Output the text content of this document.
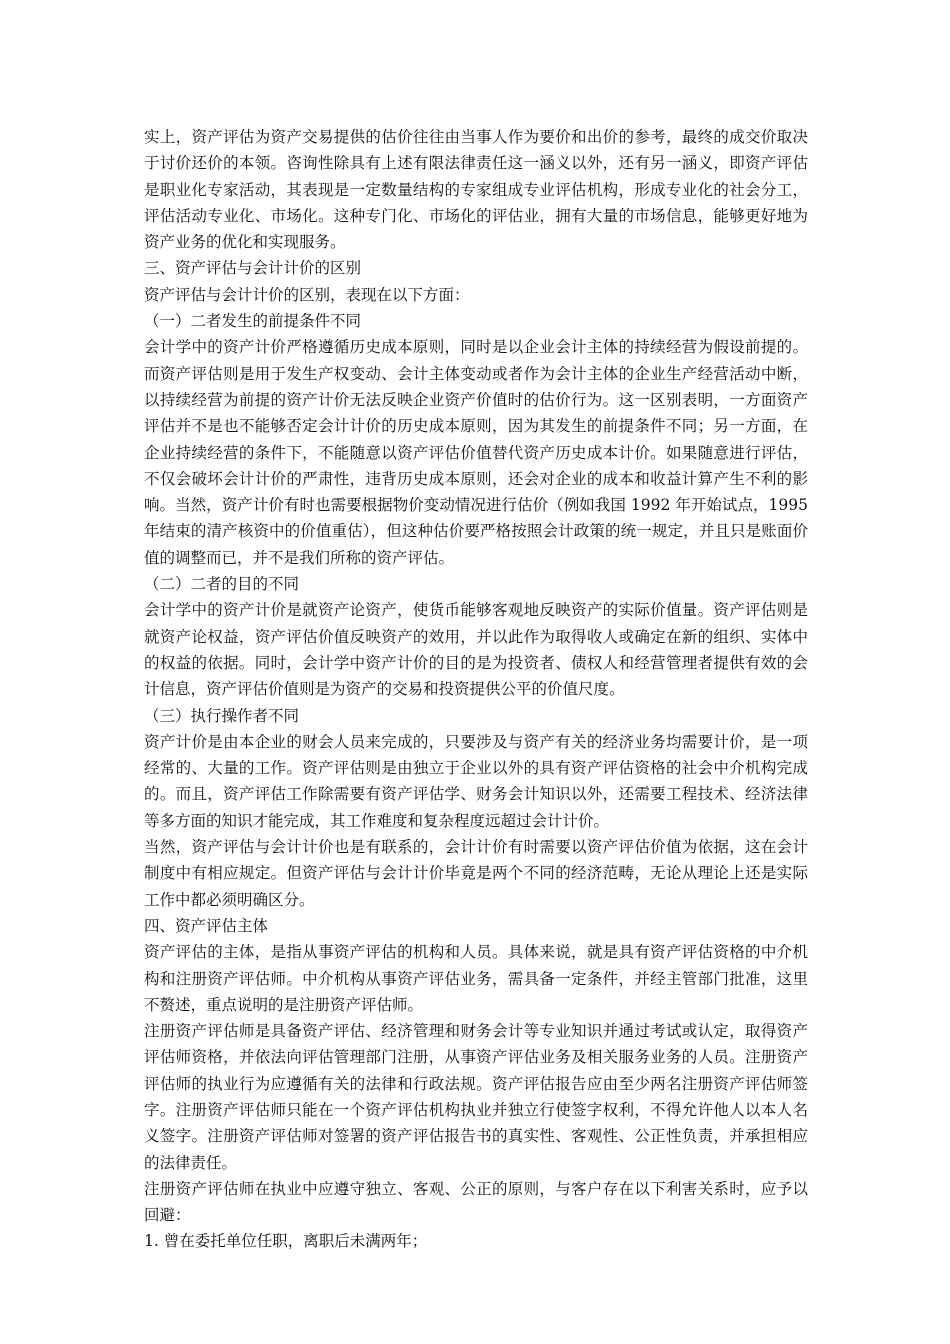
实上，资产评估为资产交易提供的估价往往由当事人作为要价和出价的参考，最终的成交价取决于讨价还价的本领。咨询性除具有上述有限法律责任这一涵义以外，还有另一涵义，即资产评估是职业化专家活动，其表现是一定数量结构的专家组成专业评估机构，形成专业化的社会分工，评估活动专业化、市场化。这种专门化、市场化的评估业，拥有大量的市场信息，能够更好地为资产业务的优化和实现服务。

三、资产评估与会计计价的区别

资产评估与会计计价的区别，表现在以下方面：

（一）二者发生的前提条件不同

会计学中的资产计价严格遵循历史成本原则，同时是以企业会计主体的持续经营为假设前提的。而资产评估则是用于发生产权变动、会计主体变动或者作为会计主体的企业生产经营活动中断，以持续经营为前提的资产计价无法反映企业资产价值时的估价行为。这一区别表明，一方面资产评估并不是也不能够否定会计计价的历史成本原则，因为其发生的前提条件不同；另一方面，在企业持续经营的条件下，不能随意以资产评估价值替代资产历史成本计价。如果随意进行评估，不仅会破坏会计计价的严肃性，违背历史成本原则，还会对企业的成本和收益计算产生不利的影响。当然，资产计价有时也需要根据物价变动情况进行估价（例如我国 1992 年开始试点，1995 年结束的清产核资中的价值重估），但这种估价要严格按照会计政策的统一规定，并且只是账面价值的调整而已，并不是我们所称的资产评估。

（二）二者的目的不同

会计学中的资产计价是就资产论资产，使货币能够客观地反映资产的实际价值量。资产评估则是就资产论权益，资产评估价值反映资产的效用，并以此作为取得收人或确定在新的组织、实体中的权益的依据。同时，会计学中资产计价的目的是为投资者、债权人和经营管理者提供有效的会计信息，资产评估价值则是为资产的交易和投资提供公平的价值尺度。

（三）执行操作者不同

资产计价是由本企业的财会人员来完成的，只要涉及与资产有关的经济业务均需要计价，是一项经常的、大量的工作。资产评估则是由独立于企业以外的具有资产评估资格的社会中介机构完成的。而且，资产评估工作除需要有资产评估学、财务会计知识以外，还需要工程技术、经济法律等多方面的知识才能完成，其工作难度和复杂程度远超过会计计价。

当然，资产评估与会计计价也是有联系的，会计计价有时需要以资产评估价值为依据，这在会计制度中有相应规定。但资产评估与会计计价毕竟是两个不同的经济范畴，无论从理论上还是实际工作中都必须明确区分。

四、资产评估主体

资产评估的主体，是指从事资产评估的机构和人员。具体来说，就是具有资产评估资格的中介机构和注册资产评估师。中介机构从事资产评估业务，需具备一定条件，并经主管部门批准，这里不赘述，重点说明的是注册资产评估师。

注册资产评估师是具备资产评估、经济管理和财务会计等专业知识并通过考试或认定，取得资产评估师资格，并依法向评估管理部门注册，从事资产评估业务及相关服务业务的人员。注册资产评估师的执业行为应遵循有关的法律和行政法规。资产评估报告应由至少两名注册资产评估师签字。注册资产评估师只能在一个资产评估机构执业并独立行使签字权利，不得允许他人以本人名义签字。注册资产评估师对签署的资产评估报告书的真实性、客观性、公正性负责，并承担相应的法律责任。

注册资产评估师在执业中应遵守独立、客观、公正的原则，与客户存在以下利害关系时，应予以回避：

1. 曾在委托单位任职，离职后未满两年；
